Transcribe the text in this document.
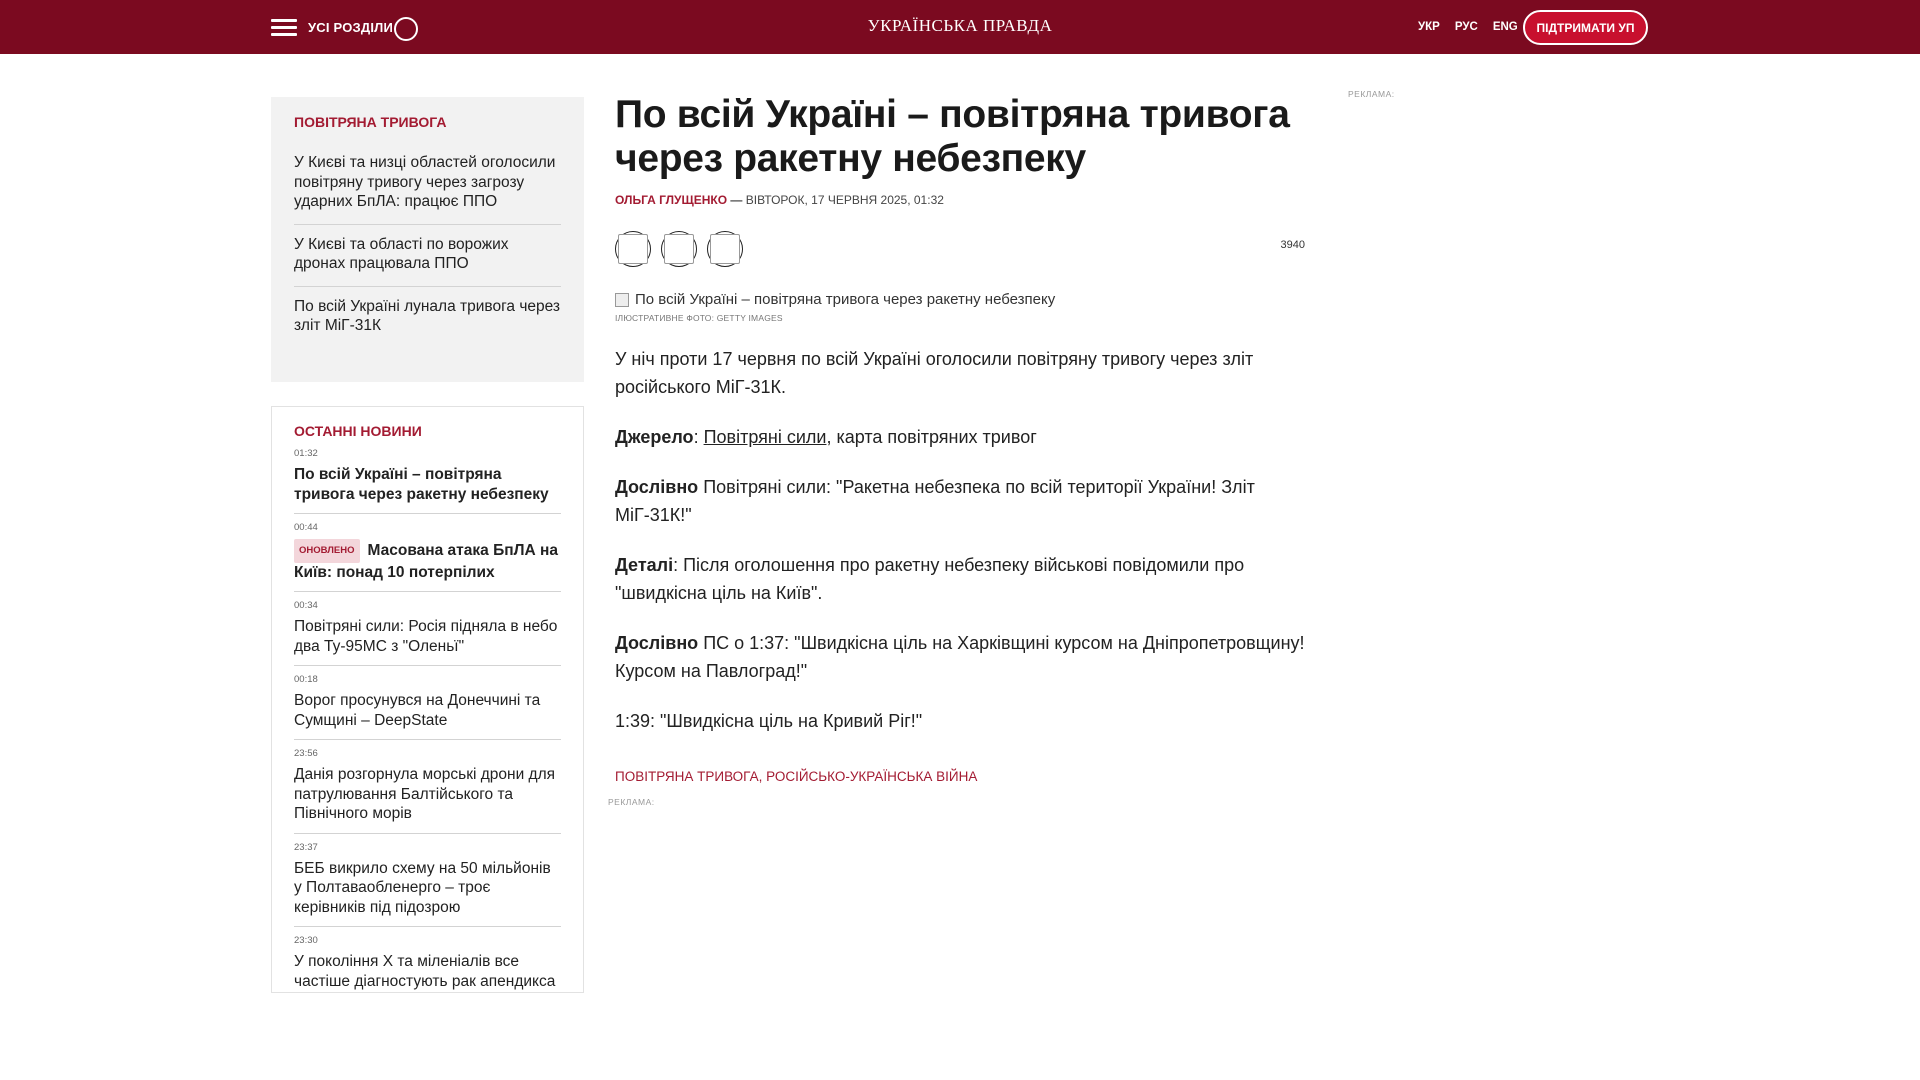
УСІ РОЗДІЛИ	УКРАЇНСЬКА ПРАВДА	УКР РУС ENG	ПІДТРИМАТИ УП
ПОВІТРЯНА ТРИВОГА
У Києві та низці областей оголосили повітряну тривогу через загрозу ударних БпЛА: працює ППО
У Києві та області по ворожих дронах працювала ППО
По всій Україні лунала тривога через зліт МіГ-31К
ОСТАННІ НОВИНИ
01:32
По всій Україні – повітряна тривога через ракетну небезпеку
00:44
ОНОВЛЕНО Масована атака БпЛА на Київ: понад 10 потерпілих
00:34
Повітряні сили: Росія підняла в небо два Ту-95МС з "Оленьї"
00:18
Ворог просунувся на Донеччині та Сумщині – DeepState
23:56
Данія розгорнула морські дрони для патрулювання Балтійського та Північного морів
23:37
БЕБ викрило схему на 50 мільйонів у Полтаваобленерго – троє керівників під підозрою
23:30
У покоління Х та міленіалів все частіше діагностують рак апендикса
По всій Україні – повітряна тривога через ракетну небезпеку
ОЛЬГА ГЛУЩЕНКО — ВІВТОРОК, 17 ЧЕРВНЯ 2025, 01:32
3940
По всій Україні – повітряна тривога через ракетну небезпеку
ІЛЮСТРАТИВНЕ ФОТО: GETTY IMAGES

У ніч проти 17 червня по всій Україні оголосили повітряну тривогу через зліт російського МіГ-31К.

Джерело: Повітряні сили, карта повітряних тривог

Дослівно Повітряні сили: "Ракетна небезпека по всій території України! Зліт МіГ-31К!"

Деталі: Після оголошення про ракетну небезпеку військові повідомили про "швидкісна ціль на Київ".

Дослівно ПС о 1:37: "Швидкісна ціль на Харківщині курсом на Дніпропетровщину! Курсом на Павлоград!"

1:39: "Швидкісна ціль на Кривий Ріг!"

ПОВІТРЯНА ТРИВОГА, РОСІЙСЬКО-УКРАЇНСЬКА ВІЙНА
РЕКЛАМА:
РЕКЛАМА:
